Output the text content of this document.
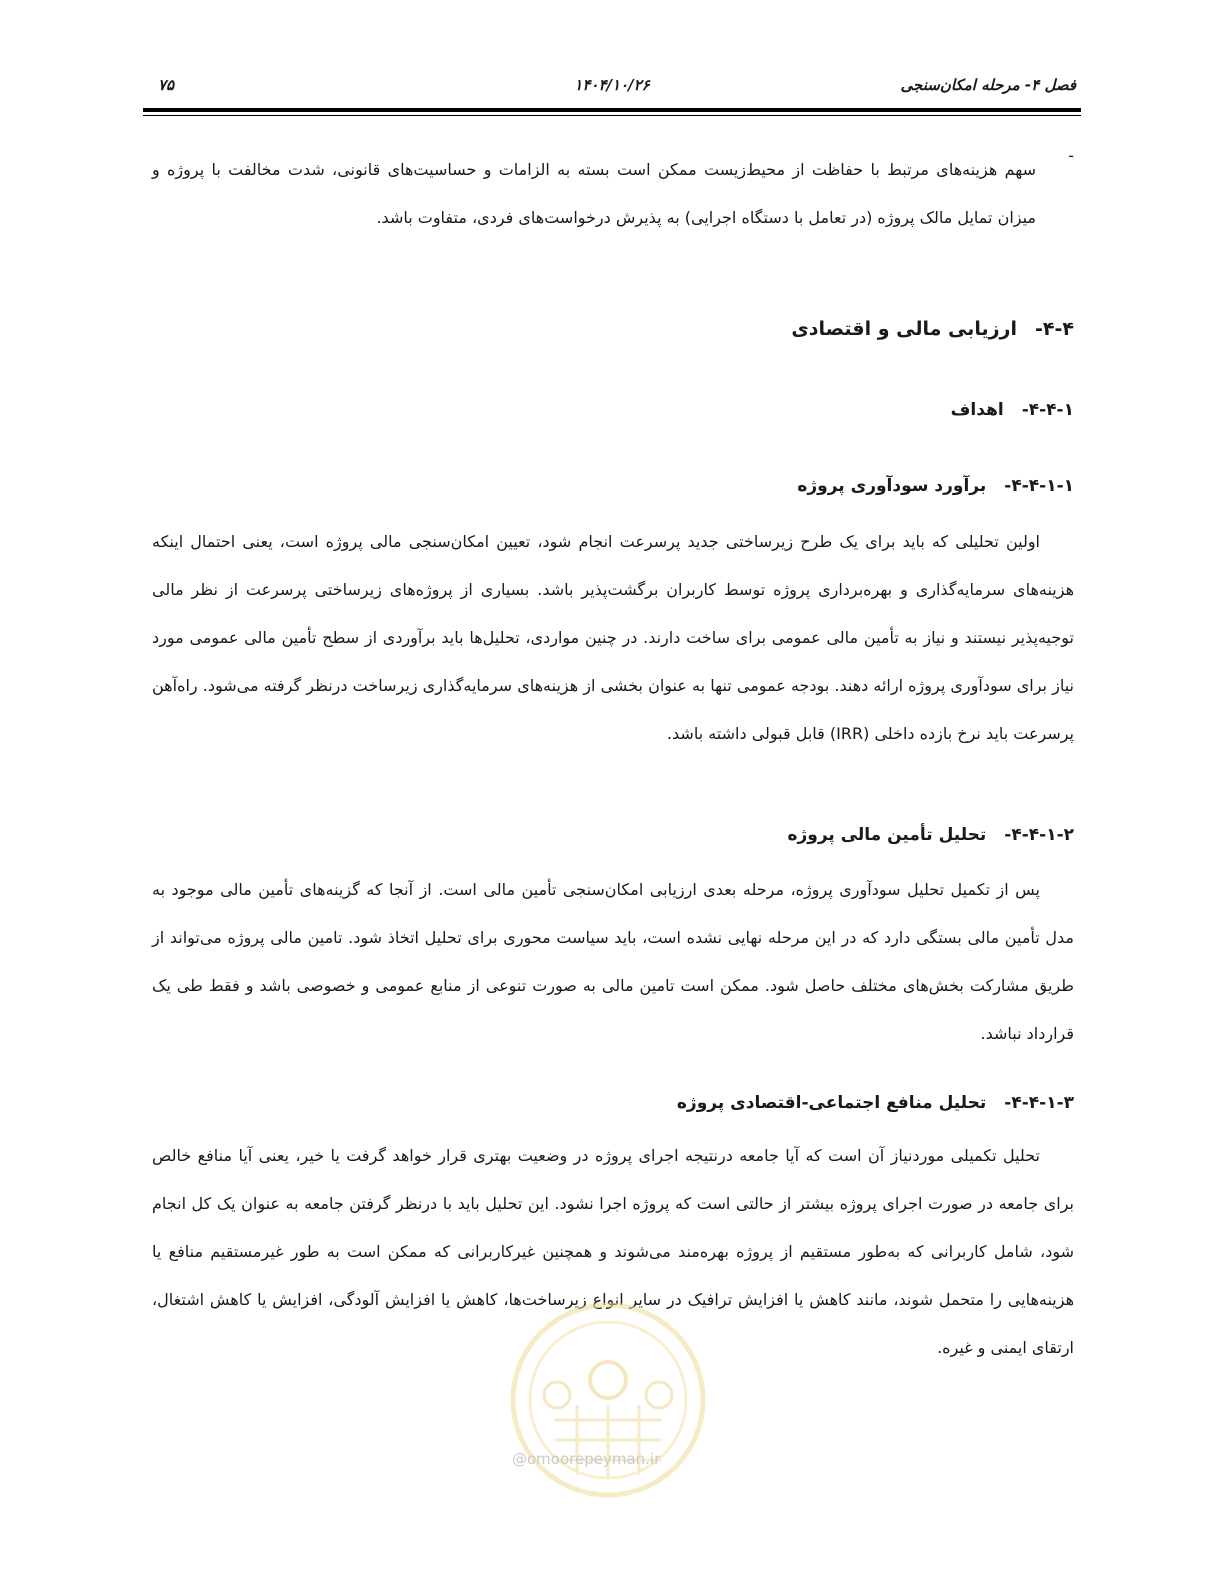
فصل ۴- مرحله امکان‌سنجی
۱۴۰۴/۱۰/۲۶
۷۵
-

سهم هزینه‌های مرتبط با حفاظت از محیط‌زیست ممکن است بسته به الزامات و حساسیت‌های قانونی، شدت مخالفت با پروژه و میزان تمایل مالک پروژه (در تعامل با دستگاه اجرایی) به پذیرش درخواست‌های فردی، متفاوت باشد.

۴-۴-ارزیابی مالی و اقتصادی
۴-۴-۱-اهداف
۴-۴-۱-۱-برآورد سودآوری پروژه

اولین تحلیلی که باید برای یک طرح زیرساختی جدید پرسرعت انجام شود، تعیین امکان‌سنجی مالی پروژه است، یعنی احتمال اینکه هزینه‌های سرمایه‌گذاری و بهره‌برداری پروژه توسط کاربران برگشت‌پذیر باشد. بسیاری از پروژه‌های زیرساختی پرسرعت از نظر مالی توجیه‌پذیر نیستند و نیاز به تأمین مالی عمومی برای ساخت دارند. در چنین مواردی، تحلیل‌ها باید برآوردی از سطح تأمین مالی عمومی مورد نیاز برای سودآوری پروژه ارائه دهند. بودجه عمومی تنها به عنوان بخشی از هزینه‌های سرمایه‌گذاری زیرساخت درنظر گرفته می‌شود. راه‌آهن پرسرعت باید نرخ بازده داخلی (IRR) قابل قبولی داشته باشد.

۴-۴-۱-۲-تحلیل تأمین مالی پروژه

پس از تکمیل تحلیل سودآوری پروژه، مرحله بعدی ارزیابی امکان‌سنجی تأمین مالی است. از آنجا که گزینه‌های تأمین مالی موجود به مدل تأمین مالی بستگی دارد که در این مرحله نهایی نشده است، باید سیاست محوری برای تحلیل اتخاذ شود. تامین مالی پروژه می‌تواند از طریق مشارکت بخش‌های مختلف حاصل شود. ممکن است تامین مالی به صورت تنوعی از منابع عمومی و خصوصی باشد و فقط طی یک قرارداد نباشد.

۴-۴-۱-۳-تحلیل منافع اجتماعی-اقتصادی پروژه

تحلیل تکمیلی موردنیاز آن است که آیا جامعه درنتیجه اجرای پروژه در وضعیت بهتری قرار خواهد گرفت یا خیر، یعنی آیا منافع خالص برای جامعه در صورت اجرای پروژه بیشتر از حالتی است که پروژه اجرا نشود. این تحلیل باید با درنظر گرفتن جامعه به عنوان یک کل انجام شود، شامل کاربرانی که به‌طور مستقیم از پروژه بهره‌مند می‌شوند و همچنین غیرکاربرانی که ممکن است به طور غیرمستقیم منافع یا هزینه‌هایی را متحمل شوند، مانند کاهش یا افزایش ترافیک در سایر انواع زیرساخت‌ها، کاهش یا افزایش آلودگی، افزایش یا کاهش اشتغال، ارتقای ایمنی و غیره.

@omoorepeyman.ir
